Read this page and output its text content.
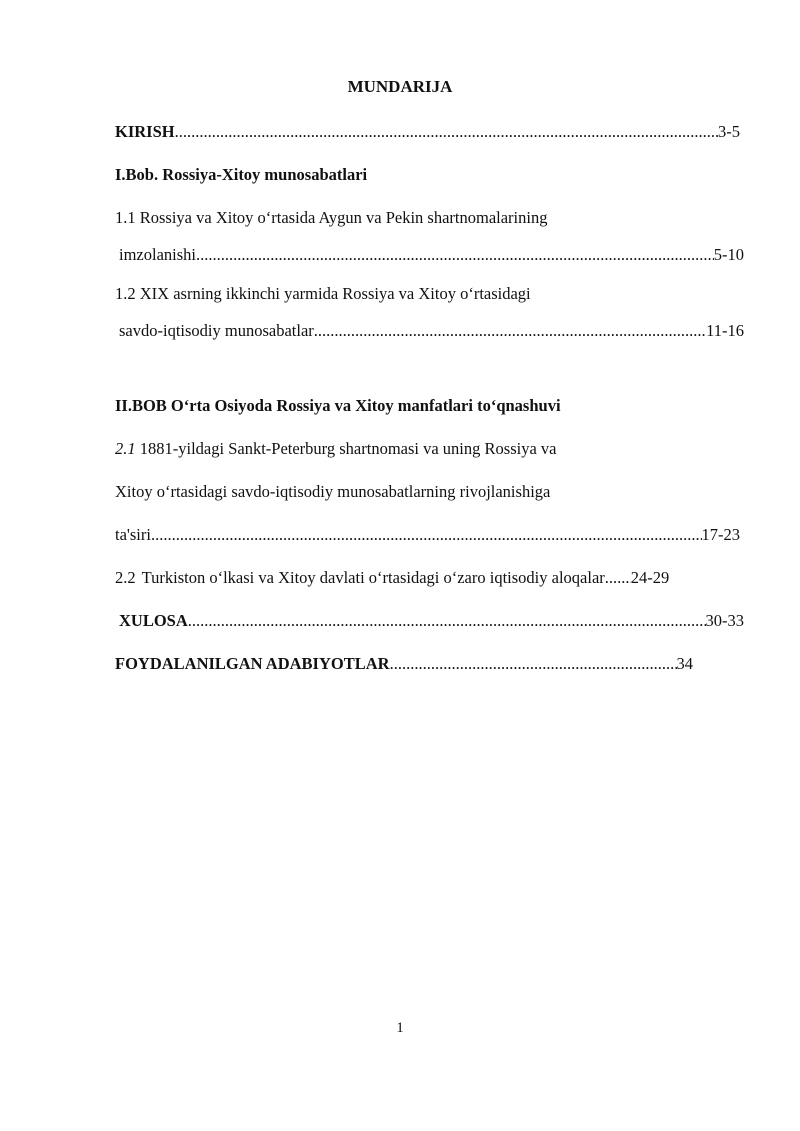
MUNDARIJA
KIRISH .....	3-5
I.Bob. Rossiya-Xitoy munosabatlari
1.1 Rossiya va Xitoy o‘rtasida Aygun va Pekin shartnomalarining
imzolanishi .....	5-10
1.2 XIX asrning ikkinchi yarmida Rossiya va Xitoy o‘rtasidagi
savdo-iqtisodiy munosabatlar .....	11-16
II.BOB O‘rta Osiyoda Rossiya va Xitoy manfatlari to‘qnashuvi
2.1 1881-yildagi Sankt-Peterburg shartnomasi va uning Rossiya va
Xitoy o‘rtasidagi savdo-iqtisodiy munosabatlarning rivojlanishiga
ta'siri .....	17-23
2.2 Turkiston o‘lkasi va Xitoy davlati o‘rtasidagi o‘zaro iqtisodiy aloqalar ..... 24-29
XULOSA .....	30-33
FOYDALANILGAN ADABIYOTLAR .....	34
1
